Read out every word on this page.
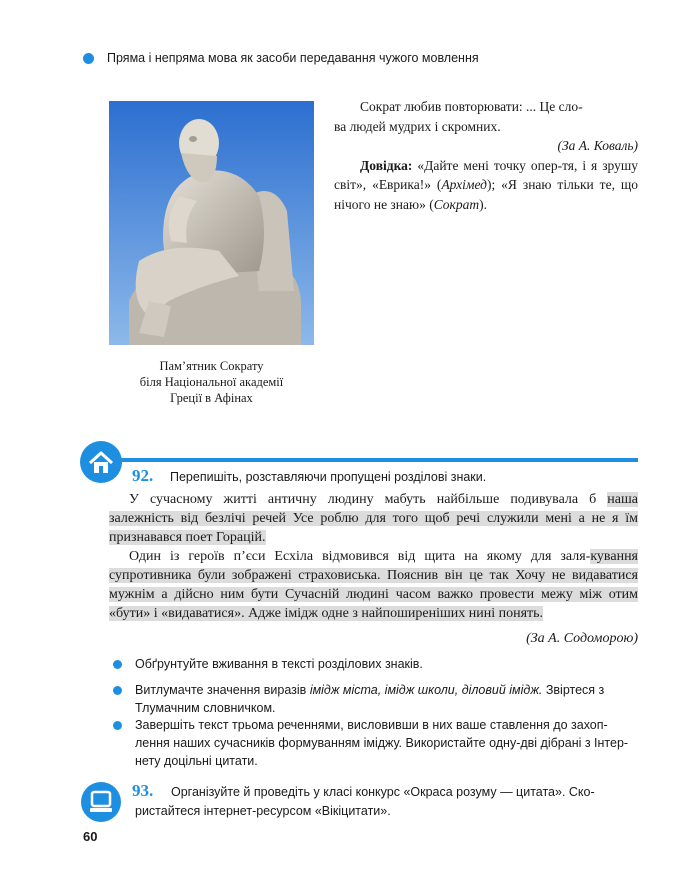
Пряма і непряма мова як засоби передавання чужого мовлення
Пам’ятник Сократу
біля Національної академії
Греції в Афінах

Сократ любив повторювати: ... Це сло-

ва людей мудрих і скромних.

(За А. Коваль)

Довідка: «Дайте мені точку опер-тя, і я зрушу світ», «Еврика!» (Архімед); «Я знаю тільки те, що нічого не знаю» (Сократ).

92. Перепишіть, розставляючи пропущені розділові знаки.

У сучасному житті античну людину мабуть найбільше подивувала б наша залежність від безлічі речей Усе роблю для того щоб речі служили мені а не я їм признавався поет Горацій.

Один із героїв п’єси Есхіла відмовився від щита на якому для заля-кування супротивника були зображені страховиська. Пояснив він це так Хочу не видаватися мужнім а дійсно ним бути Сучасній людині часом важко провести межу між отим «бути» і «видаватися». Адже імідж одне з найпоширеніших нині понять.

(За А. Содоморою)

Обґрунтуйте вживання в тексті розділових знаків.
Витлумачте значення виразів імідж міста, імідж школи, діловий імідж. Звіртеся з Тлумачним словничком.
Завершіть текст трьома реченнями, висловивши в них ваше ставлення до захоп-лення наших сучасників формуванням іміджу. Використайте одну-дві дібрані з Інтер-нету доцільні цитати.
93.	Організуйте й проведіть у класі конкурс «Окраса розуму — цитата». Ско-ристайтеся інтернет-ресурсом «Вікіцитати».
60
